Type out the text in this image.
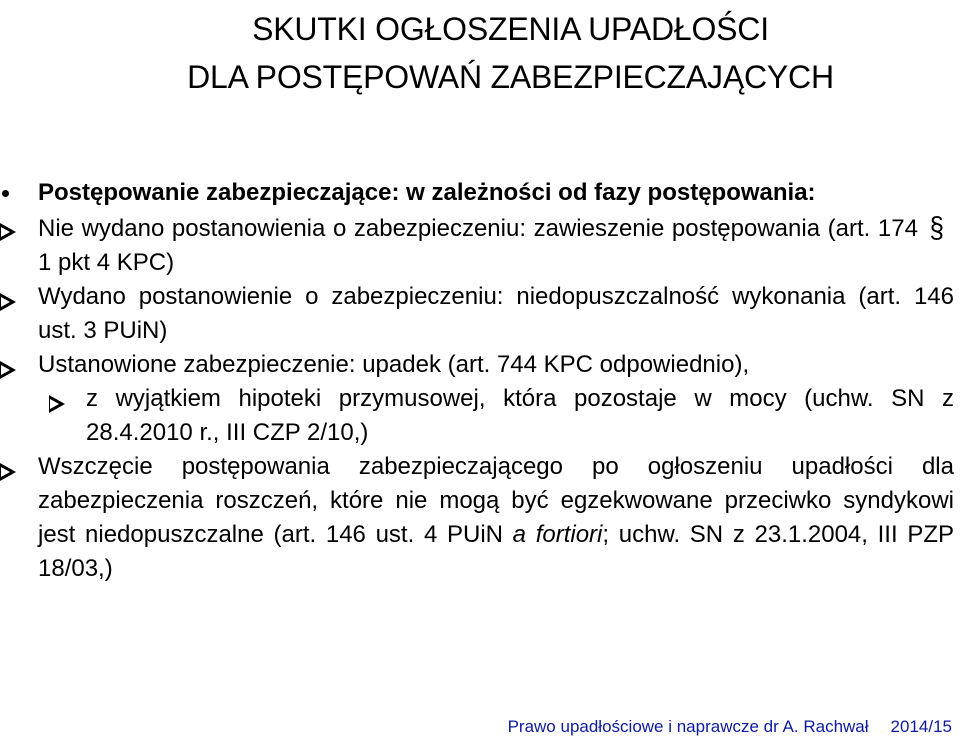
SKUTKI OGŁOSZENIA UPADŁOŚCI
DLA POSTĘPOWAŃ ZABEZPIECZAJĄCYCH

Postępowanie zabezpieczające: w zależności od fazy postępowania:

Nie wydano postanowienia o zabezpieczeniu: zawieszenie postępowania (art. 174 §1 pkt 4 KPC)

Wydano postanowienie o zabezpieczeniu: niedopuszczalność wykonania (art. 146 ust. 3 PUiN)

Ustanowione zabezpieczenie: upadek (art. 744 KPC odpowiednio),

z wyjątkiem hipoteki przymusowej, która pozostaje w mocy (uchw. SN z 28.4.2010 r., III CZP 2/10,)

Wszczęcie postępowania zabezpieczającego po ogłoszeniu upadłości dla zabezpieczenia roszczeń, które nie mogą być egzekwowane przeciwko syndykowi jest niedopuszczalne (art. 146 ust. 4 PUiN a fortiori; uchw. SN z 23.1.2004, III PZP 18/03,)

Prawo upadłościowe i naprawcze dr A. Rachwał 2014/15
